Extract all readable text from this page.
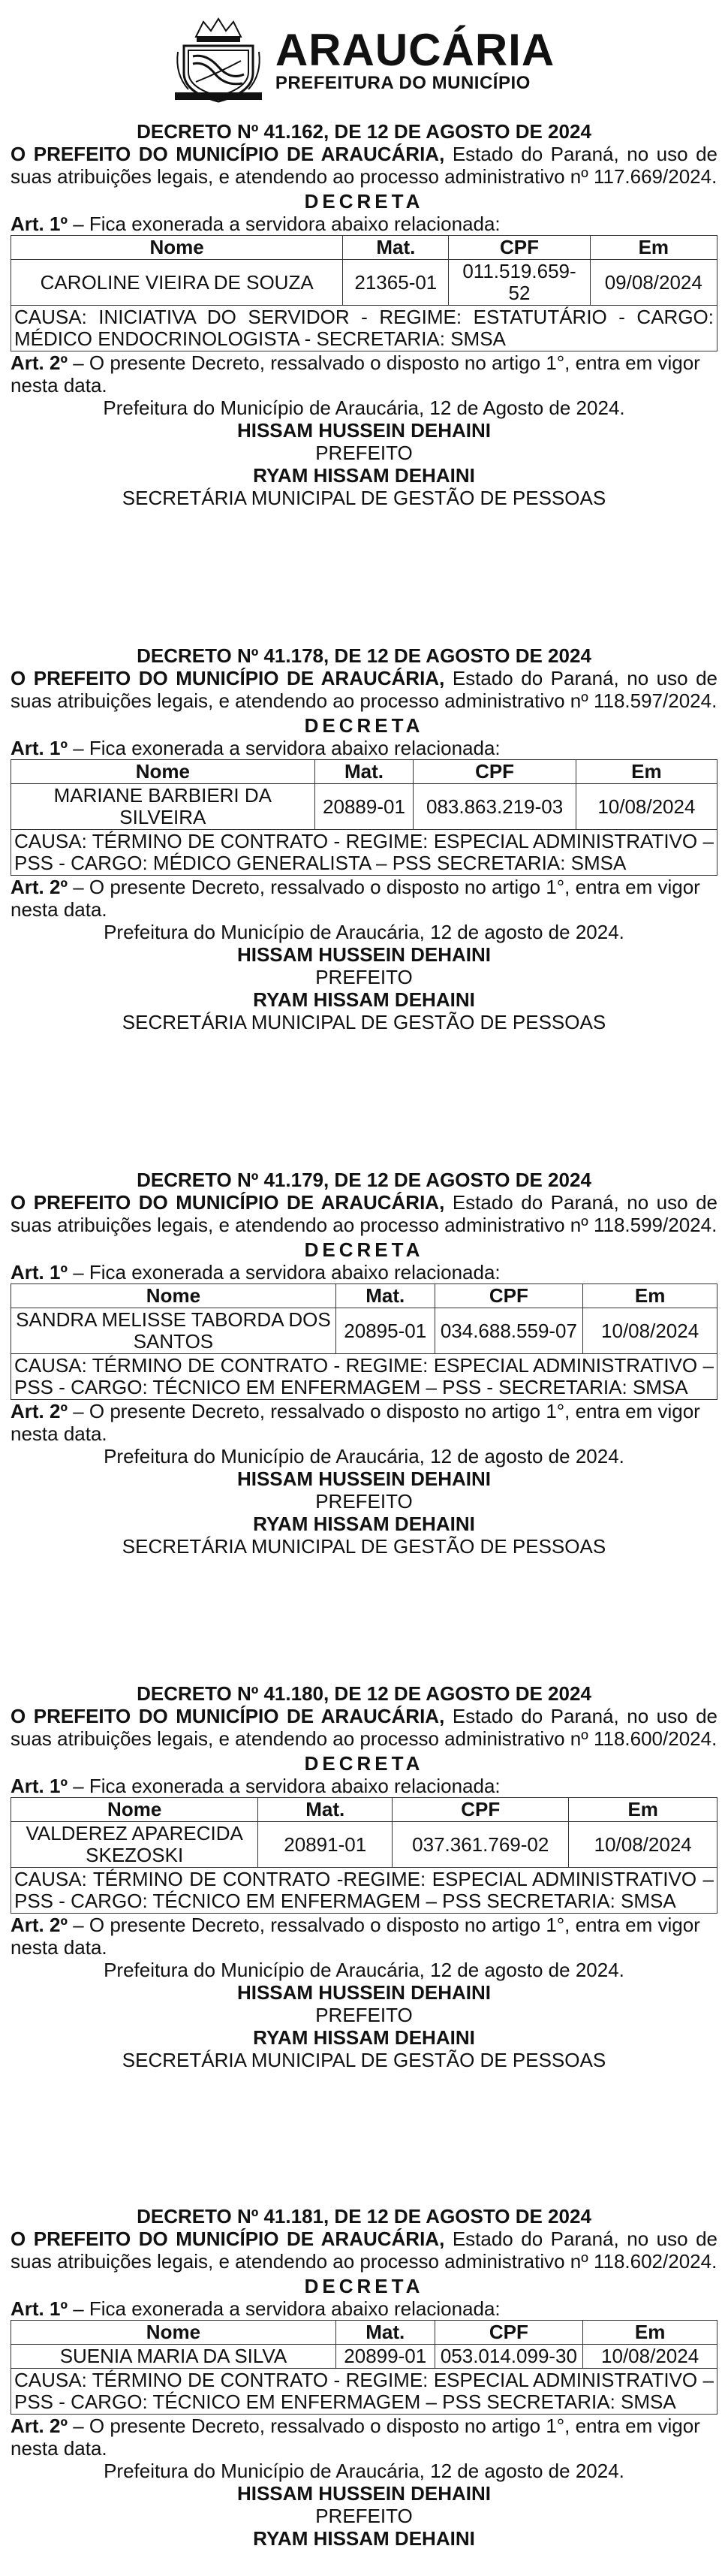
ARAUCÁRIA
PREFEITURA DO MUNICÍPIO
DECRETO Nº 41.162, DE 12 DE AGOSTO DE 2024
O PREFEITO DO MUNICÍPIO DE ARAUCÁRIA, Estado do Paraná, no uso de suas atribuições legais, e atendendo ao processo administrativo nº 117.669/2024.
DECRETA
Art. 1º – Fica exonerada a servidora abaixo relacionada:
Nome	Mat.	CPF	Em
CAROLINE VIEIRA DE SOUZA	21365-01	011.519.659-52	09/08/2024
CAUSA: INICIATIVA DO SERVIDOR - REGIME: ESTATUTÁRIO - CARGO: MÉDICO ENDOCRINOLOGISTA - SECRETARIA: SMSA			
Art. 2º – O presente Decreto, ressalvado o disposto no artigo 1°, entra em vigor nesta data.
Prefeitura do Município de Araucária, 12 de Agosto de 2024.
HISSAM HUSSEIN DEHAINI
PREFEITO
RYAM HISSAM DEHAINI
SECRETÁRIA MUNICIPAL DE GESTÃO DE PESSOAS
DECRETO Nº 41.178, DE 12 DE AGOSTO DE 2024
O PREFEITO DO MUNICÍPIO DE ARAUCÁRIA, Estado do Paraná, no uso de suas atribuições legais, e atendendo ao processo administrativo nº 118.597/2024.
DECRETA
Art. 1º – Fica exonerada a servidora abaixo relacionada:
Nome	Mat.	CPF	Em
MARIANE BARBIERI DA SILVEIRA	20889-01	083.863.219-03	10/08/2024
CAUSA: TÉRMINO DE CONTRATO - REGIME: ESPECIAL ADMINISTRATIVO – PSS - CARGO: MÉDICO GENERALISTA – PSS SECRETARIA: SMSA			
Art. 2º – O presente Decreto, ressalvado o disposto no artigo 1°, entra em vigor nesta data.
Prefeitura do Município de Araucária, 12 de agosto de 2024.
HISSAM HUSSEIN DEHAINI
PREFEITO
RYAM HISSAM DEHAINI
SECRETÁRIA MUNICIPAL DE GESTÃO DE PESSOAS
DECRETO Nº 41.179, DE 12 DE AGOSTO DE 2024
O PREFEITO DO MUNICÍPIO DE ARAUCÁRIA, Estado do Paraná, no uso de suas atribuições legais, e atendendo ao processo administrativo nº 118.599/2024.
DECRETA
Art. 1º – Fica exonerada a servidora abaixo relacionada:
Nome	Mat.	CPF	Em
SANDRA MELISSE TABORDA DOS SANTOS	20895-01	034.688.559-07	10/08/2024
CAUSA: TÉRMINO DE CONTRATO - REGIME: ESPECIAL ADMINISTRATIVO – PSS - CARGO: TÉCNICO EM ENFERMAGEM – PSS - SECRETARIA: SMSA			
Art. 2º – O presente Decreto, ressalvado o disposto no artigo 1°, entra em vigor nesta data.
Prefeitura do Município de Araucária, 12 de agosto de 2024.
HISSAM HUSSEIN DEHAINI
PREFEITO
RYAM HISSAM DEHAINI
SECRETÁRIA MUNICIPAL DE GESTÃO DE PESSOAS
DECRETO Nº 41.180, DE 12 DE AGOSTO DE 2024
O PREFEITO DO MUNICÍPIO DE ARAUCÁRIA, Estado do Paraná, no uso de suas atribuições legais, e atendendo ao processo administrativo nº 118.600/2024.
DECRETA
Art. 1º – Fica exonerada a servidora abaixo relacionada:
Nome	Mat.	CPF	Em
VALDEREZ APARECIDA SKEZOSKI	20891-01	037.361.769-02	10/08/2024
CAUSA: TÉRMINO DE CONTRATO -REGIME: ESPECIAL ADMINISTRATIVO – PSS - CARGO: TÉCNICO EM ENFERMAGEM – PSS SECRETARIA: SMSA			
Art. 2º – O presente Decreto, ressalvado o disposto no artigo 1°, entra em vigor nesta data.
Prefeitura do Município de Araucária, 12 de agosto de 2024.
HISSAM HUSSEIN DEHAINI
PREFEITO
RYAM HISSAM DEHAINI
SECRETÁRIA MUNICIPAL DE GESTÃO DE PESSOAS
DECRETO Nº 41.181, DE 12 DE AGOSTO DE 2024
O PREFEITO DO MUNICÍPIO DE ARAUCÁRIA, Estado do Paraná, no uso de suas atribuições legais, e atendendo ao processo administrativo nº 118.602/2024.
DECRETA
Art. 1º – Fica exonerada a servidora abaixo relacionada:
Nome	Mat.	CPF	Em
SUENIA MARIA DA SILVA	20899-01	053.014.099-30	10/08/2024
CAUSA: TÉRMINO DE CONTRATO - REGIME: ESPECIAL ADMINISTRATIVO – PSS - CARGO: TÉCNICO EM ENFERMAGEM – PSS SECRETARIA: SMSA			
Art. 2º – O presente Decreto, ressalvado o disposto no artigo 1°, entra em vigor nesta data.
Prefeitura do Município de Araucária, 12 de agosto de 2024.
HISSAM HUSSEIN DEHAINI
PREFEITO
RYAM HISSAM DEHAINI
